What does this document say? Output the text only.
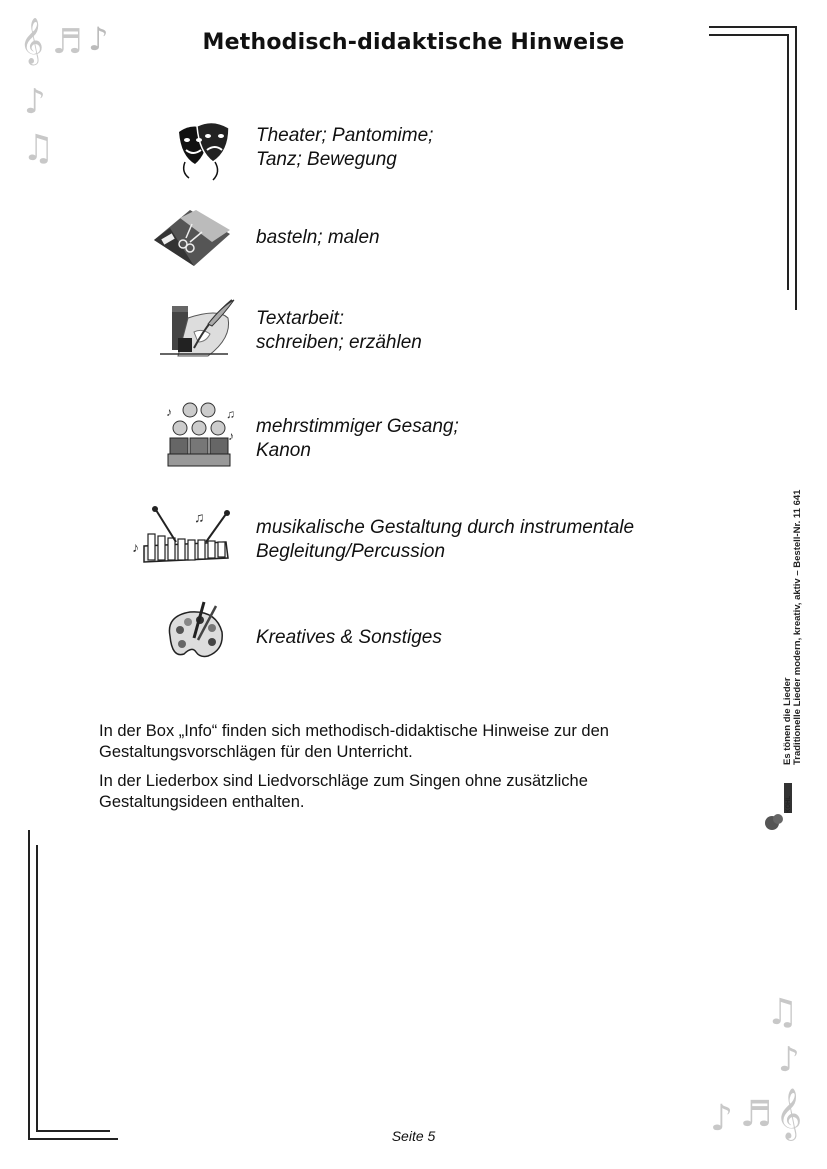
𝄞 ♬ ♪
♪
♫
♫
♪
♪ ♬ 𝄞
Methodisch-didaktische Hinweise
Theater; Pantomime;
Tanz; Bewegung
basteln; malen
Textarbeit:
schreiben; erzählen
♪	♫
♪ mehrstimmiger Gesang;
Kanon
♪
♫	musikalische Gestaltung durch instrumentale
Begleitung/Percussion
Kreatives & Sonstiges
In der Box „Info“ finden sich methodisch-didaktische Hinweise zur den Gestaltungsvorschlägen für den Unterricht.
In der Liederbox sind Liedvorschläge zum Singen ohne zusätzliche Gestaltungsideen enthalten.
Es tönen die Lieder Traditionelle Lieder modern, kreativ, aktiv – Bestell-Nr. 11 641
KOHL
Seite 5
